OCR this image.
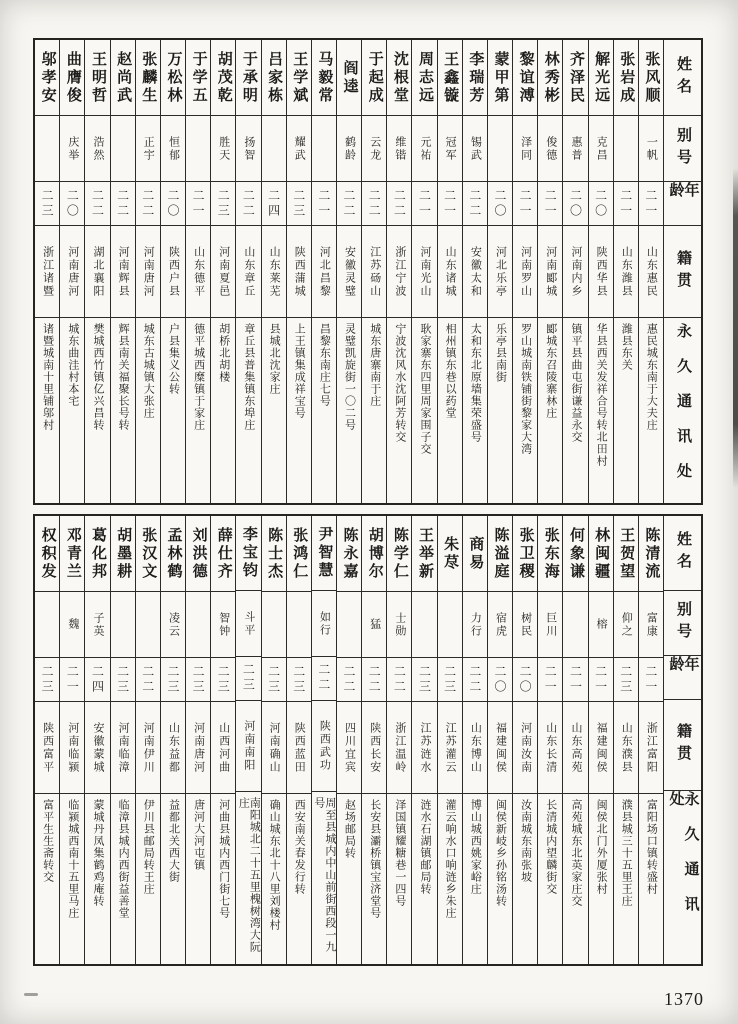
姓名
别号
年龄
籍贯
永久通讯处
张风顺
一帆
二一
山东惠民
惠民城东南于大夫庄
张岩成
二一
山东潍县
潍县东关
解光远
克昌
二〇
陕西华县
华县西关发祥合号转北田村
齐泽民
惠普
二〇
河南内乡
镇平县曲屯街谦益永交
林秀彬
俊德
二一
河南郾城
郾城东召陵寨林庄
黎谊溥
泽同
二一
河南罗山
罗山城南铁铺街黎家大湾
蒙甲第
二〇
河北乐亭
乐亭县南街
李瑞芳
锡武
二二
安徽太和
太和东北原墙集荣盛号
王鑫镟
冠军
二一
山东诸城
相州镇东巷以药堂
周志远
元祐
二一
河南光山
耿家寨东四里周家围子交
沈根堂
维锴
二二
浙江宁波
宁波沈风水沈阿芳转交
于起成
云龙
二二
江苏砀山
城东唐寨南于庄
阎逵
鹤龄
二二
安徽灵璧
灵璧凯旋街一〇二号
马毅常
二一
河北昌黎
昌黎东南庄七号
王学斌
耀武
二三
陕西蒲城
上王镇集成祥宝号
吕家栋
二四
山东莱芜
县城北沈家庄
于承明
扬智
二二
山东章丘
章丘县普集镇东埠庄
胡茂乾
胜天
二三
河南夏邑
胡桥北胡楼
于学五
二一
山东德平
德平城西糜镇于家庄
万松林
恒郁
二〇
陕西户县
户县集义公转
张麟生
正宇
二二
河南唐河
城东古城镇大张庄
赵尚武
二二
河南辉县
辉县南关福聚长号转
王明哲
浩然
二二
湖北襄阳
樊城西竹镇亿兴昌转
曲膺俊
庆举
二〇
河南唐河
城东曲洼村本宅
邬孝安
二三
浙江诸暨
诸暨城南十里铺邬村
姓名
别号
年龄
籍贯
永久通讯处
陈清流
富康
二一
浙江富阳
富阳场口镇转盛村
王贺望
仰之
二三
山东濮县
濮县城三十五里王庄
林闽疆
榕
二一
福建闽侯
闽侯北门外厦张村
何象谦
二一
山东高苑
高苑城东北英家庄交
张东海
巨川
二一
山东长清
长清城内望麟街交
张卫稷
树民
二〇
河南汝南
汝南城东南张坡
陈溢庭
宿虎
二〇
福建闽侯
闽侯新岐乡孙铭汤转
商易
力行
二二
山东博山
博山城西姚家峪庄
朱荩
二三
江苏灌云
灌云响水口响涟乡朱庄
王举新
二三
江苏涟水
涟水石湖镇邮局转
陈学仁
士勋
二二
浙江温岭
泽国镇耀糖巷一四号
胡博尔
猛
二二
陕西长安
长安县灞桥镇宝济堂号
陈永嘉
二二
四川宜宾
赵场邮局转
尹智慧
如行
二二
陕西武功
周至县城内中山前街西段一九号
张鸿仁
二三
陕西蓝田
西安南关春发行转
陈士杰
二三
河南确山
确山城东北十八里刘楼村
李宝钧
斗平
二三
河南南阳
南阳城北二十五里槐树湾大阮庄
薛仕齐
智钟
二三
山西河曲
河曲县城内西门街七号
刘洪德
二三
河南唐河
唐河大河屯镇
孟林鹤
凌云
二三
山东益都
益都北关西大街
张汉文
二二
河南伊川
伊川县邮局转王庄
胡墨耕
二三
河南临漳
临漳县城内西街益善堂
葛化邦
子英
二四
安徽蒙城
蒙城丹凤集鹤鸡庵转
邓青兰
魏
二一
河南临颍
临颍城西南十五里马庄
权积发
二三
陕西富平
富平生生斋转交
1370
